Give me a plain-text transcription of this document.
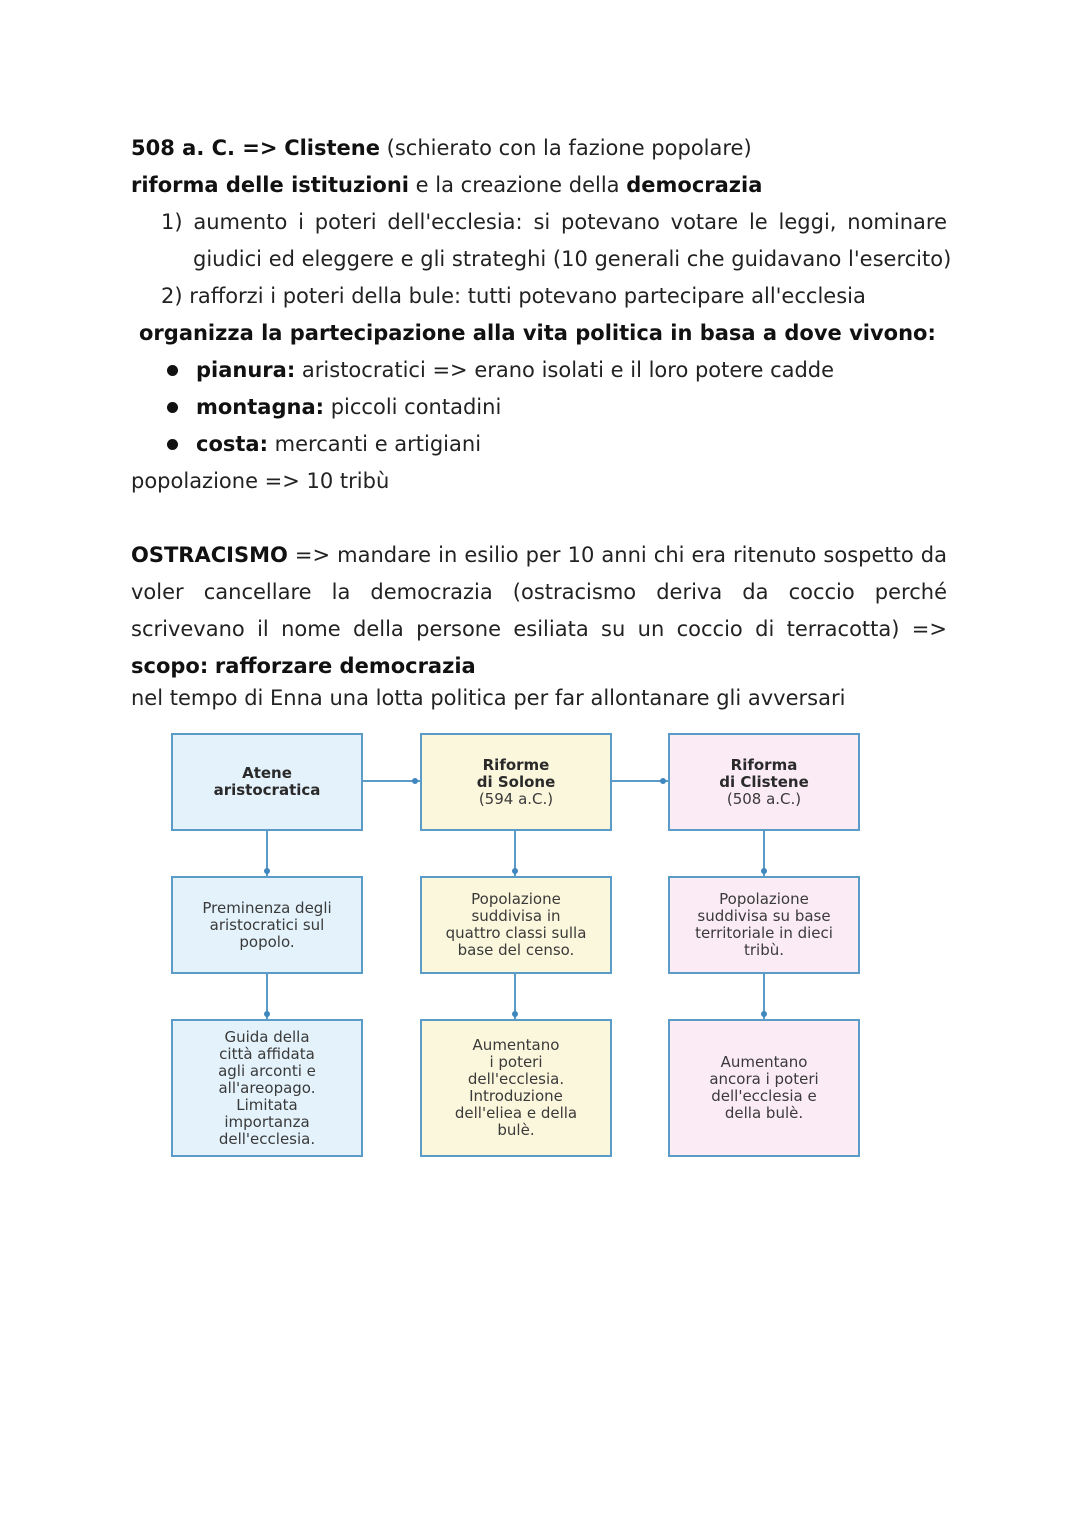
508 a. C. => Clistene (schierato con la fazione popolare)
riforma delle istituzioni e la creazione della democrazia
1) aumento i poteri dell'ecclesia: si potevano votare le leggi, nominare
giudici ed eleggere e gli strateghi (10 generali che guidavano l'esercito)
2) rafforzi i poteri della bule: tutti potevano partecipare all'ecclesia
organizza la partecipazione alla vita politica in basa a dove vivono:
pianura: aristocratici => erano isolati e il loro potere cadde
montagna: piccoli contadini
costa: mercanti e artigiani
popolazione => 10 tribù
OSTRACISMO => mandare in esilio per 10 anni chi era ritenuto sospetto da
voler cancellare la democrazia (ostracismo deriva da coccio perché
scrivevano il nome della persone esiliata su un coccio di terracotta) =>
scopo: rafforzare democrazia
nel tempo di Enna una lotta politica per far allontanare gli avversari
Atene
aristocratica
Preminenza degli
aristocratici sul
popolo.
Guida della
città affidata
agli arconti e
all'areopago.
Limitata
importanza
dell'ecclesia.
Riforme
di Solone
(594 a.C.)
Popolazione
suddivisa in
quattro classi sulla
base del censo.
Aumentano
i poteri
dell'ecclesia.
Introduzione
dell'eliea e della
bulè.
Riforma
di Clistene
(508 a.C.)
Popolazione
suddivisa su base
territoriale in dieci
tribù.
Aumentano
ancora i poteri
dell'ecclesia e
della bulè.
